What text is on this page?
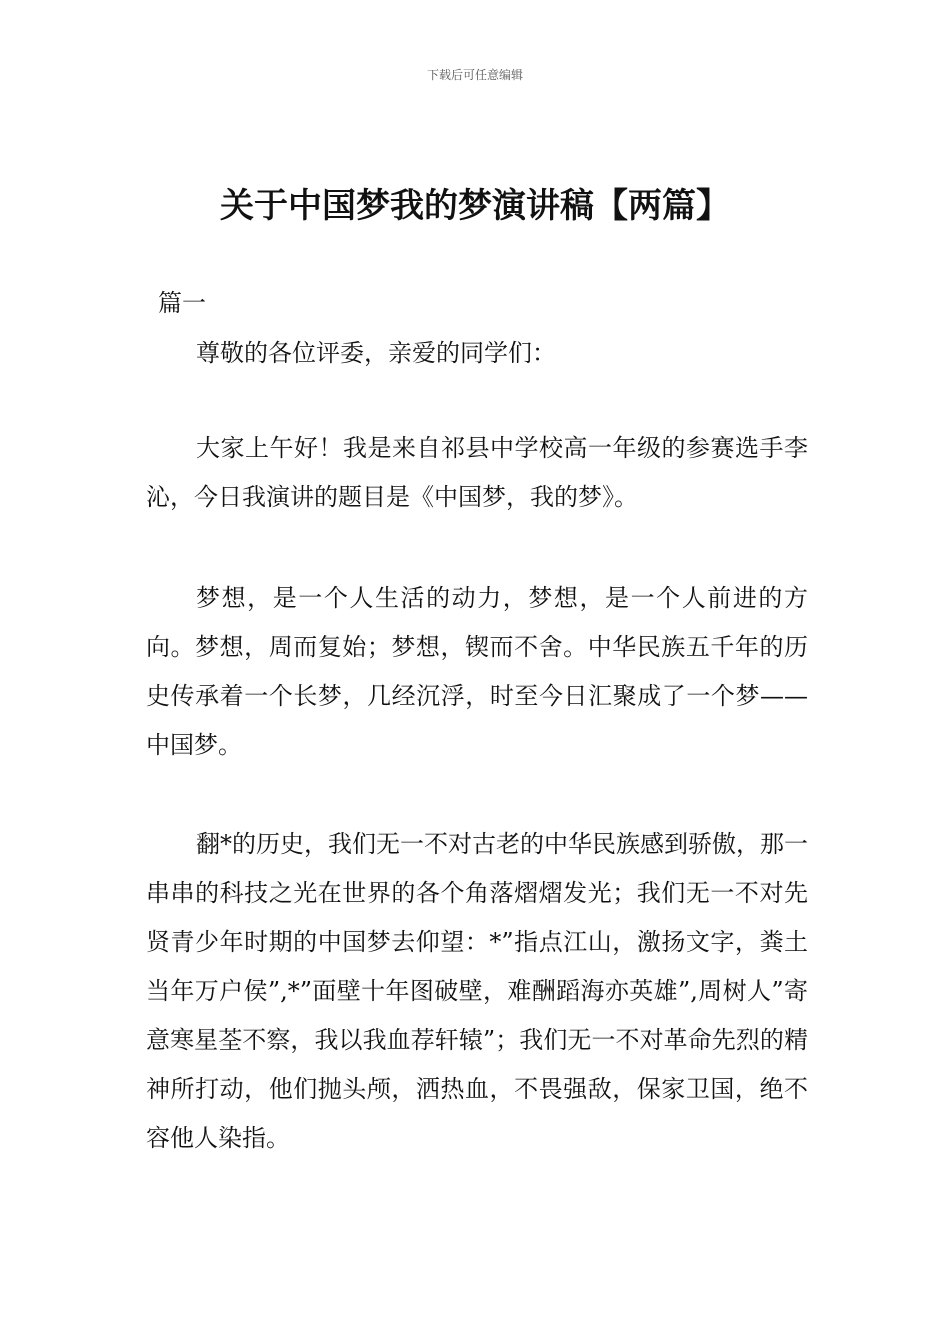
下载后可任意编辑
关于中国梦我的梦演讲稿【两篇】
篇一

尊敬的各位评委，亲爱的同学们：

大家上午好！我是来自祁县中学校高一年级的参赛选手李沁，今日我演讲的题目是《中国梦，我的梦》。

梦想，是一个人生活的动力，梦想，是一个人前进的方向。梦想，周而复始；梦想，锲而不舍。中华民族五千年的历史传承着一个长梦，几经沉浮，时至今日汇聚成了一个梦——中国梦。

翻*的历史，我们无一不对古老的中华民族感到骄傲，那一串串的科技之光在世界的各个角落熠熠发光；我们无一不对先贤青少年时期的中国梦去仰望：*”指点江山，激扬文字，粪土当年万户侯”,*”面壁十年图破壁，难酬蹈海亦英雄”,周树人”寄意寒星荃不察，我以我血荐轩辕”；我们无一不对革命先烈的精神所打动，他们抛头颅，洒热血，不畏强敌，保家卫国，绝不容他人染指。
